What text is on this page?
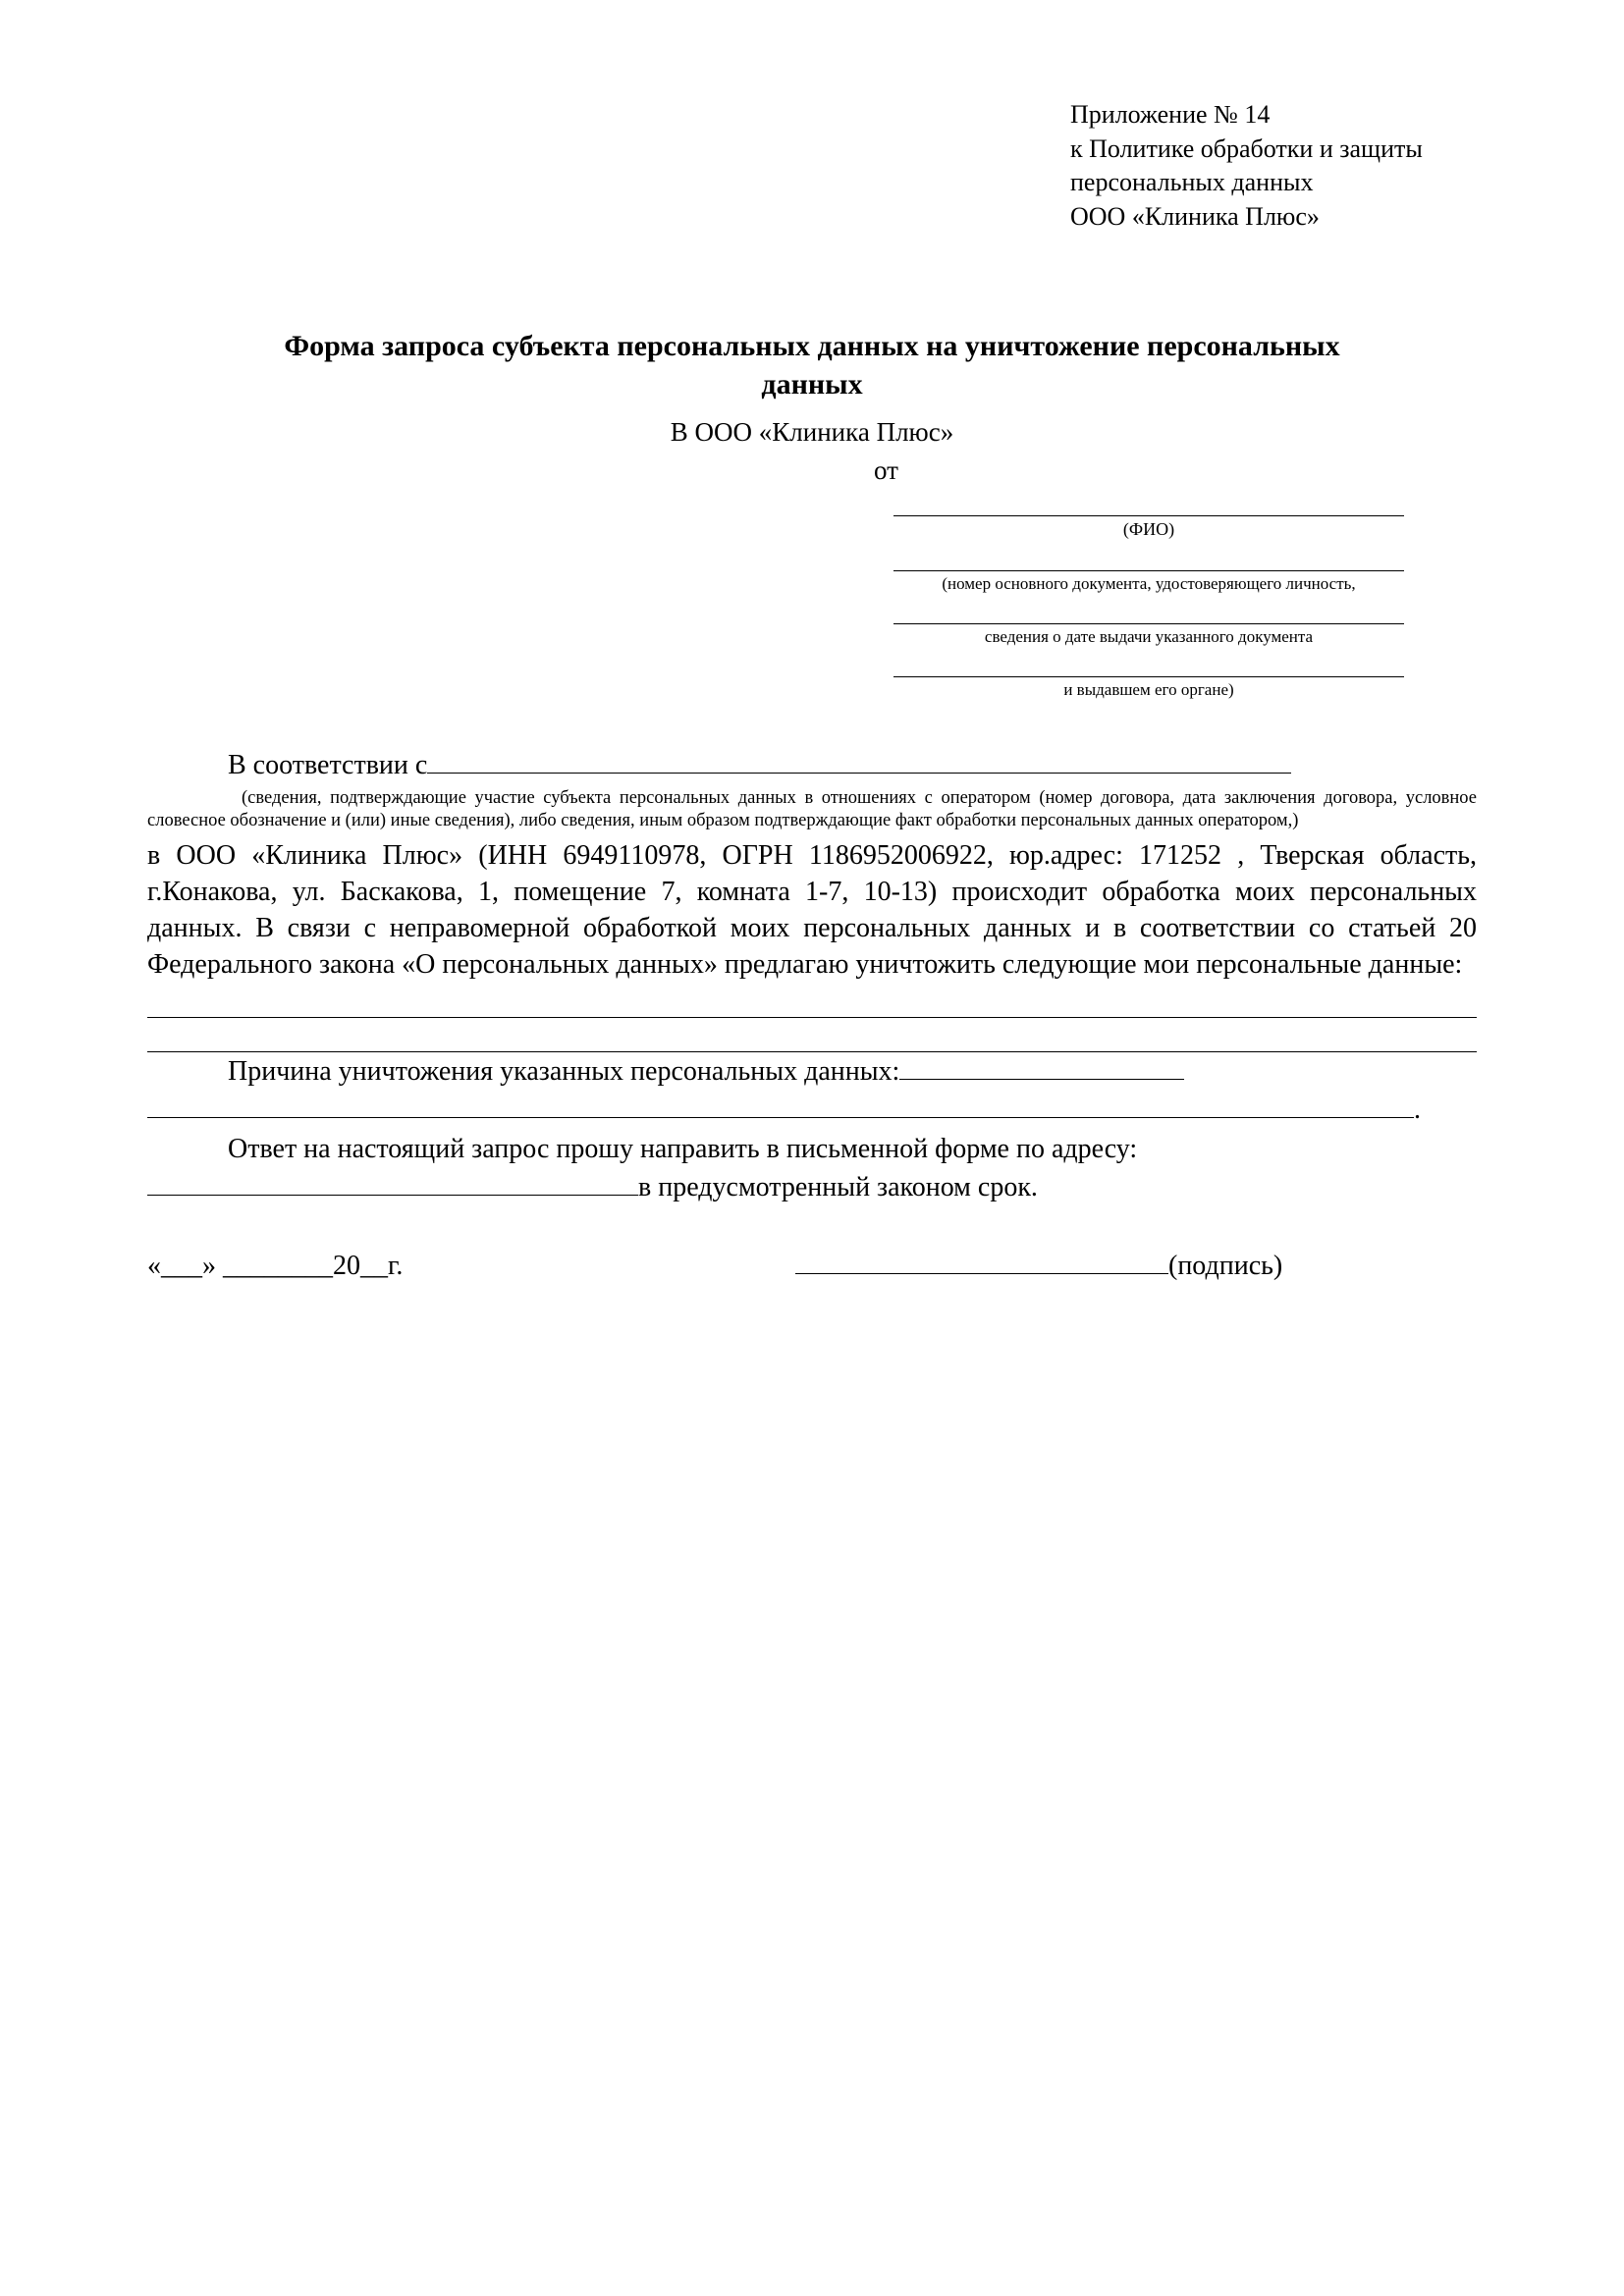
Приложение № 14
к Политике обработки и защиты
персональных данных
ООО «Клиника Плюс»
Форма запроса субъекта персональных данных на уничтожение персональных данных
В ООО «Клиника Плюс»
от
(ФИО)
(номер основного документа, удостоверяющего личность,
сведения о дате выдачи указанного документа
и выдавшем его органе)
В соответствии с
(сведения, подтверждающие участие субъекта персональных данных в отношениях с оператором (номер договора, дата заключения договора, условное словесное обозначение и (или) иные сведения), либо сведения, иным образом подтверждающие факт обработки персональных данных оператором,)
в ООО «Клиника Плюс» (ИНН 6949110978, ОГРН 1186952006922, юр.адрес: 171252 , Тверская область, г.Конакова, ул. Баскакова, 1, помещение 7, комната 1-7, 10-13) происходит обработка моих персональных данных. В связи с неправомерной обработкой моих персональных данных и в соответствии со статьей 20 Федерального закона «О персональных данных» предлагаю уничтожить следующие мои персональные данные:
Причина уничтожения указанных персональных данных:
.
Ответ на настоящий запрос прошу направить в письменной форме по адресу:
в предусмотренный законом срок.
«___» ________20__г.	(подпись)
